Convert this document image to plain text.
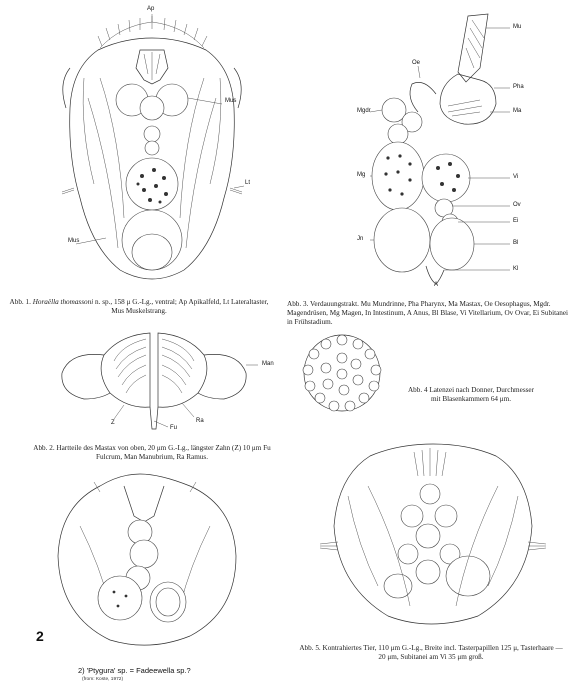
Ap
Mus
Lt
Mus
Abb. 1. Horaëlla thomassoni n. sp., 158 μ G.-Lg., ventral; Ap Apikalfeld, Lt Lateraltaster, Mus Muskelstrang.
Oe
Mu
Pha
Ma
Mgdr
Mg	Vi
Ov
Ei
Jn
Bl
Kl
A
Abb. 3. Verdauungstrakt. Mu Mundrinne, Pha Pharynx, Ma Mastax, Oe Oesophagus, Mgdr. Magendrüsen, Mg Magen, In Intestinum, A Anus, Bl Blase, Vi Vitellarium, Ov Ovar, Ei Subitanei in Frühstadium.
Man
Z
Fu
Ra
Abb. 2. Hartteile des Mastax von oben, 20 μm G.-Lg., längster Zahn (Z) 10 μm Fu Fulcrum, Man Manubrium, Ra Ramus.
Abb. 4 Latenzei nach Donner, Durchmesser
mit Blasenkammern 64 μm.
2
2) 'Ptygura' sp. = Fadeewella sp.?
(from: Koste, 1972)
Abb. 5. Kontrahiertes Tier, 110 μm G.-Lg., Breite incl. Tasterpapillen 125 μ, Tasterhaare — 20 μm, Subitanei am Vi 35 μm groß.
